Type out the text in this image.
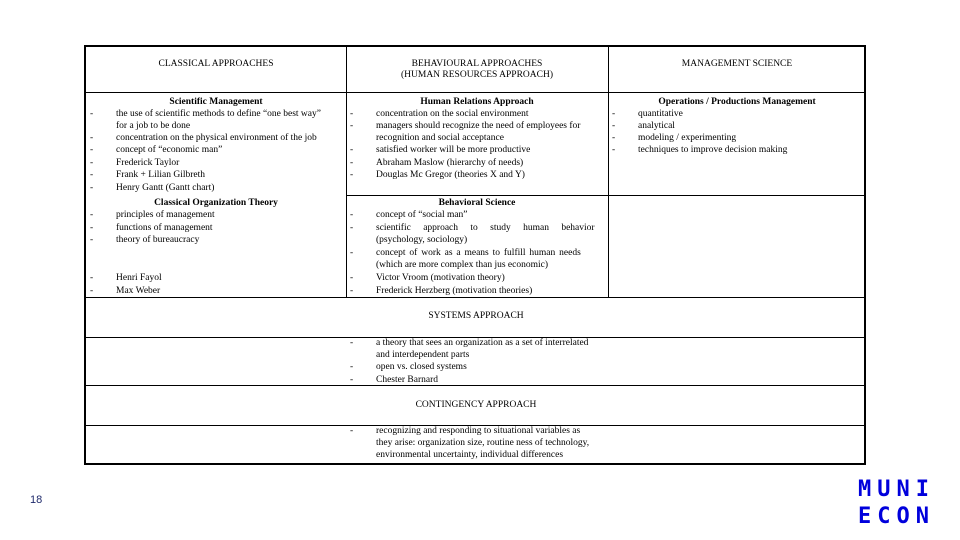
CLASSICAL APPROACHES	BEHAVIOURAL APPROACHES
(HUMAN RESOURCES APPROACH)
MANAGEMENT SCIENCE
Scientific Management
- the use of scientific methods to define “one best way”
for a job to be done
- concentration on the physical environment of the job
- concept of “economic man”
- Frederick Taylor
- Frank + Lilian Gilbreth
- Henry Gantt (Gantt chart)
Classical Organization Theory
- principles of management
- functions of management
- theory of bureaucracy
- Henri Fayol
- Max Weber
Human Relations Approach
- concentration on the social environment
- managers should recognize the need of employees for
recognition and social acceptance
- satisfied worker will be more productive
- Abraham Maslow (hierarchy of needs)
- Douglas Mc Gregor (theories X and Y)
Behavioral Science
- concept of “social man”
- scientific approach to study human behavior
(psychology, sociology)
- concept of work as a means to fulfill human needs
(which are more complex than jus economic)
- Victor Vroom (motivation theory)
- Frederick Herzberg (motivation theories)
Operations / Productions Management
- quantitative
- analytical
- modeling / experimenting
- techniques to improve decision making
SYSTEMS APPROACH
- a theory that sees an organization as a set of interrelated
and interdependent parts
- open vs. closed systems
- Chester Barnard
CONTINGENCY APPROACH
- recognizing and responding to situational variables as
they arise: organization size, routine ness of technology,
environmental uncertainty, individual differences
18	MUNI
ECON
